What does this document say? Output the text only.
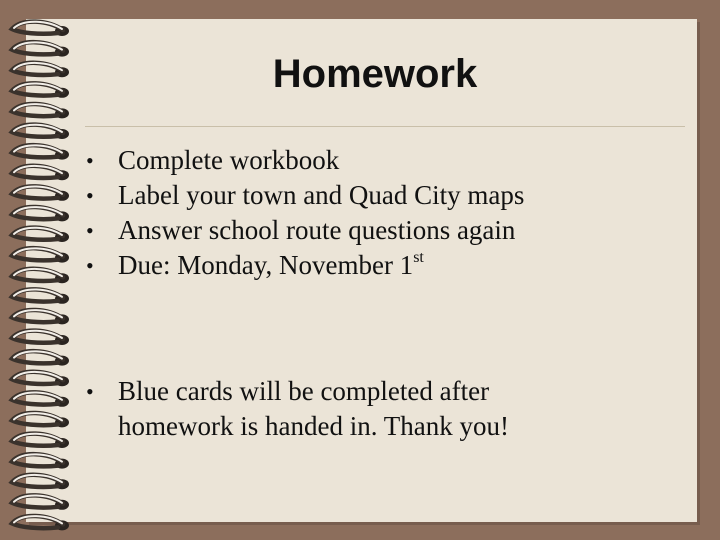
Homework
• Complete workbook
• Label your town and Quad City maps
• Answer school route questions again
• Due: Monday, November 1st
• Blue cards will be completed after
homework is handed in. Thank you!
